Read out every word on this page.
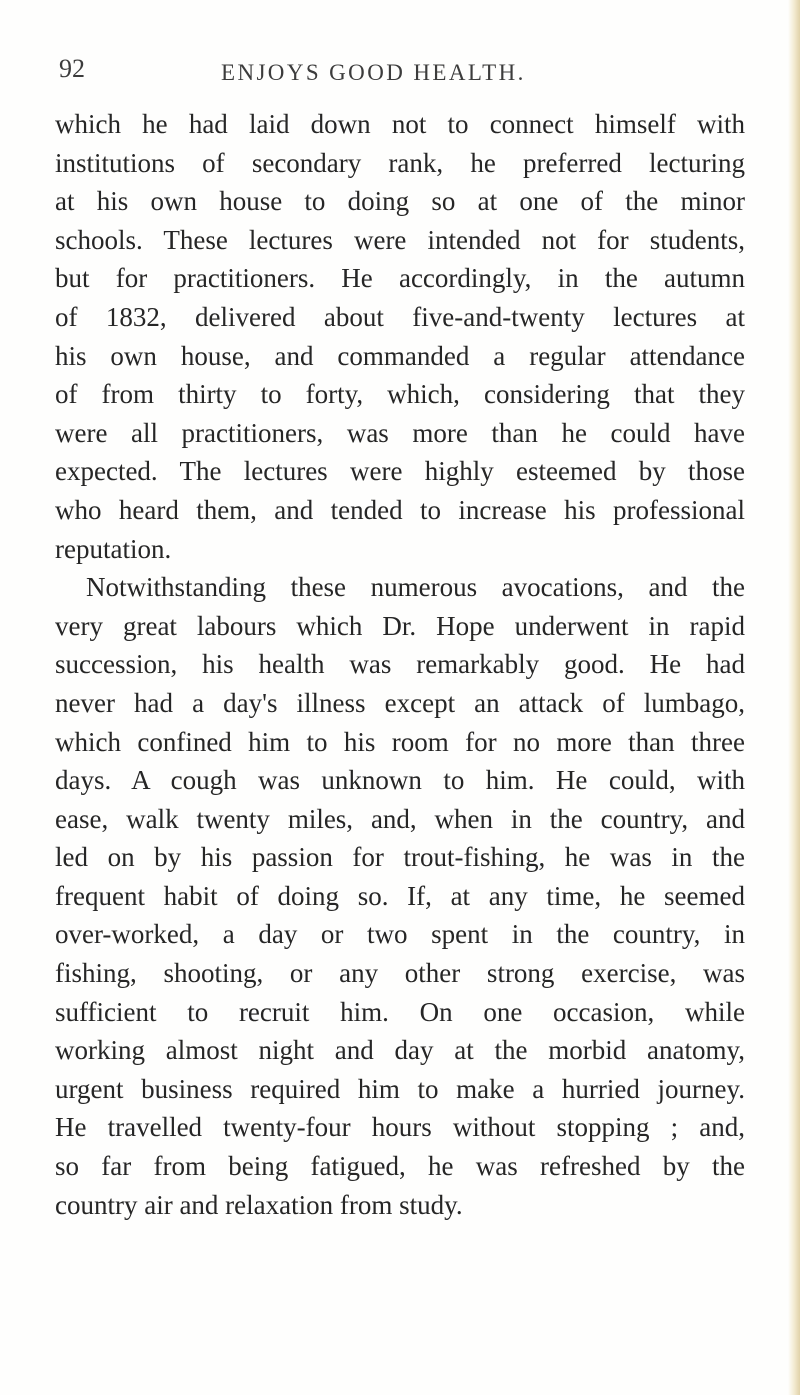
92	ENJOYS GOOD HEALTH.
which he had laid down not to connect himself with
institutions of secondary rank, he preferred lecturing
at his own house to doing so at one of the minor
schools. These lectures were intended not for students,
but for practitioners. He accordingly, in the autumn
of 1832, delivered about five-and-twenty lectures at
his own house, and commanded a regular attendance
of from thirty to forty, which, considering that they
were all practitioners, was more than he could have
expected. The lectures were highly esteemed by those
who heard them, and tended to increase his professional
reputation.
Notwithstanding these numerous avocations, and the
very great labours which Dr. Hope underwent in rapid
succession, his health was remarkably good. He had
never had a day's illness except an attack of lumbago,
which confined him to his room for no more than three
days. A cough was unknown to him. He could, with
ease, walk twenty miles, and, when in the country, and
led on by his passion for trout-fishing, he was in the
frequent habit of doing so. If, at any time, he seemed
over-worked, a day or two spent in the country, in
fishing, shooting, or any other strong exercise, was
sufficient to recruit him. On one occasion, while
working almost night and day at the morbid anatomy,
urgent business required him to make a hurried journey.
He travelled twenty-four hours without stopping ; and,
so far from being fatigued, he was refreshed by the
country air and relaxation from study.
